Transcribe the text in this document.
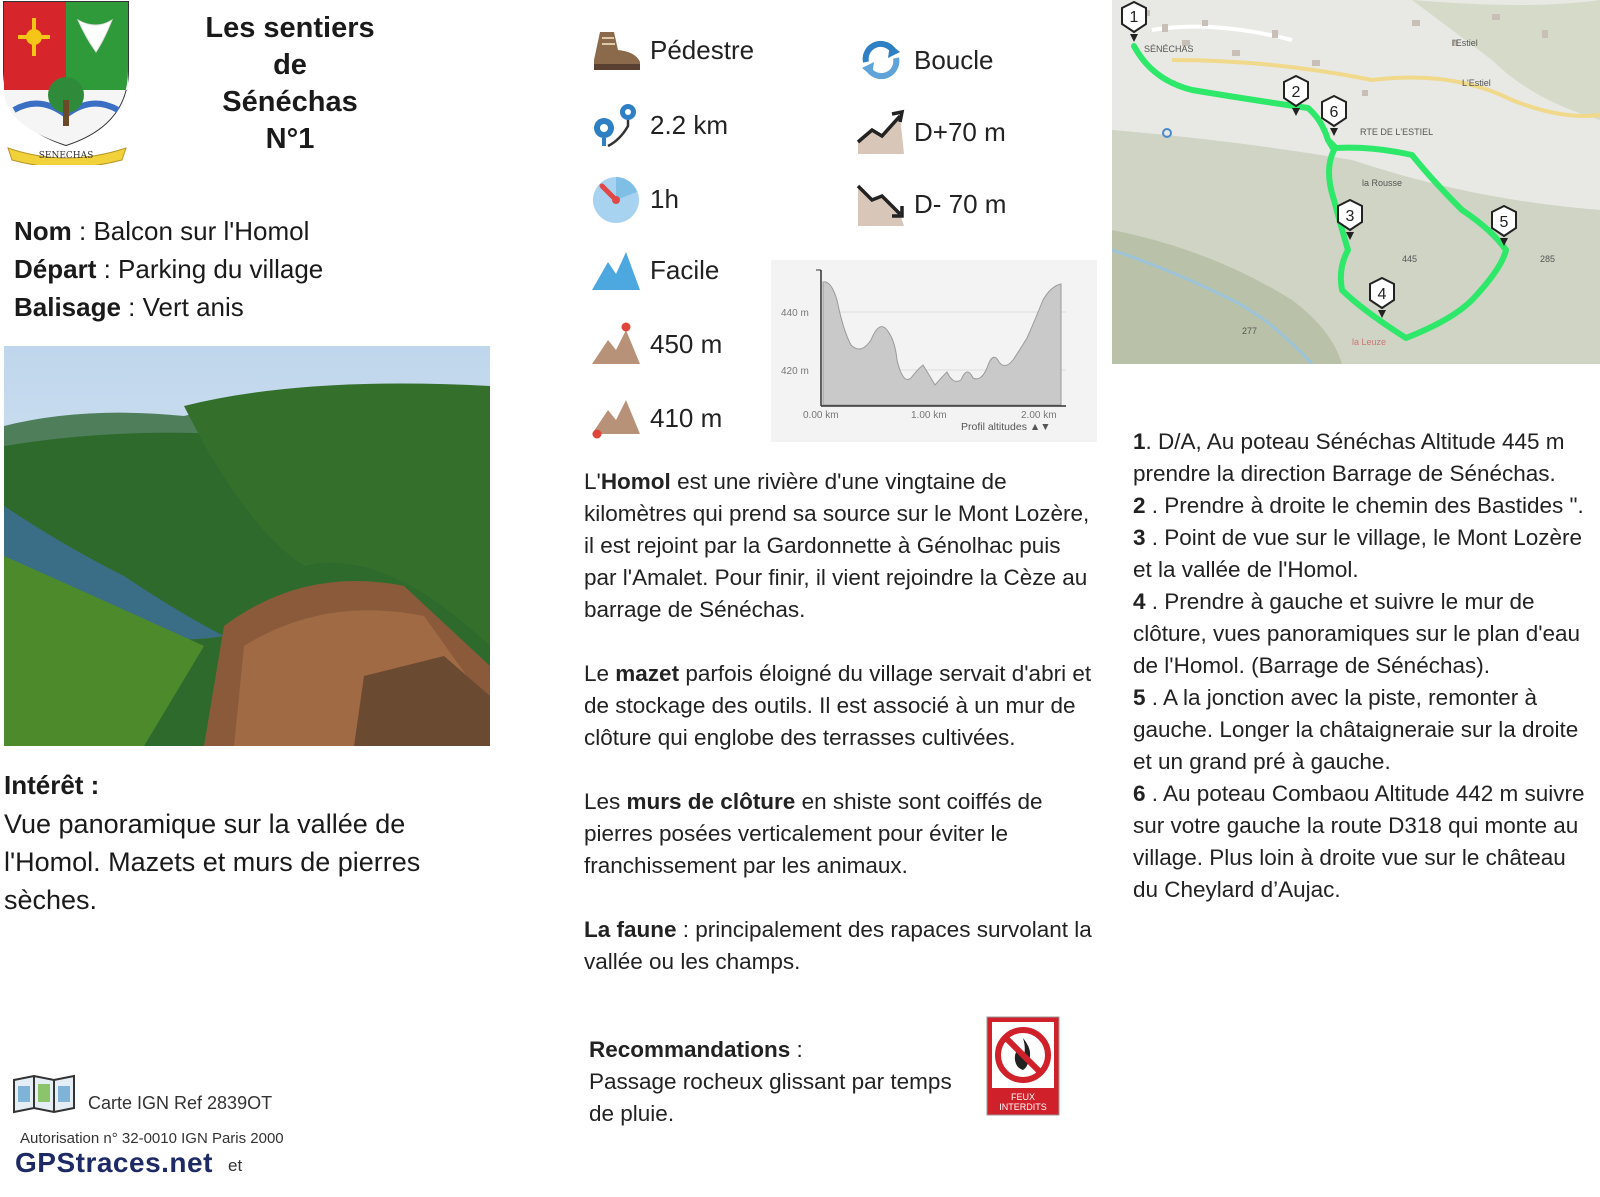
SENECHAS
Les sentiers
de
Sénéchas
N°1
Nom : Balcon sur l'Homol
Départ : Parking du village
Balisage : Vert anis
Intérêt :
Vue panoramique sur la vallée de l'Homol. Mazets et murs de pierres sèches.
Carte IGN Ref 2839OT
Autorisation n° 32-0010 IGN Paris 2000
et
GPStraces.net
Pédestre
2.2 km
1h
Facile
450 m
410 m
Boucle
D+70 m
D- 70 m
440 m
420 m
0.00 km	1.00 km	2.00 km
Profil altitudes ▲▼

L'Homol est une rivière d'une vingtaine de kilomètres qui prend sa source sur le Mont Lozère, il est rejoint par la Gardonnette à Génolhac puis par l'Amalet. Pour finir, il vient rejoindre la Cèze au barrage de Sénéchas.

Le mazet parfois éloigné du village servait d'abri et de stockage des outils. Il est associé à un mur de clôture qui englobe des terrasses cultivées.

Les murs de clôture en shiste sont coiffés de pierres posées verticalement pour éviter le franchissement par les animaux.

La faune : principalement des rapaces survolant la vallée ou les champs.

Recommandations :
Passage rocheux glissant par temps de pluie.
FEUX
INTERDITS
SÉNÉCHAS
l'Estiel
RTE DE L'ESTIEL
la Rousse
L'Estiel
445
la Leuze
277
285
1
2
6
3
4
5
1. D/A, Au poteau Sénéchas Altitude 445 m prendre la direction Barrage de Sénéchas.
2 . Prendre à droite le chemin des Bastides ".
3 . Point de vue sur le village, le Mont Lozère et la vallée de l'Homol.
4 . Prendre à gauche et suivre le mur de clôture, vues panoramiques sur le plan d'eau de l'Homol. (Barrage de Sénéchas).
5 . A la jonction avec la piste, remonter à gauche. Longer la châtaigneraie sur la droite et un grand pré à gauche.
6 . Au poteau Combaou Altitude 442 m suivre sur votre gauche la route D318 qui monte au village. Plus loin à droite vue sur le château du Cheylard d’Aujac.
